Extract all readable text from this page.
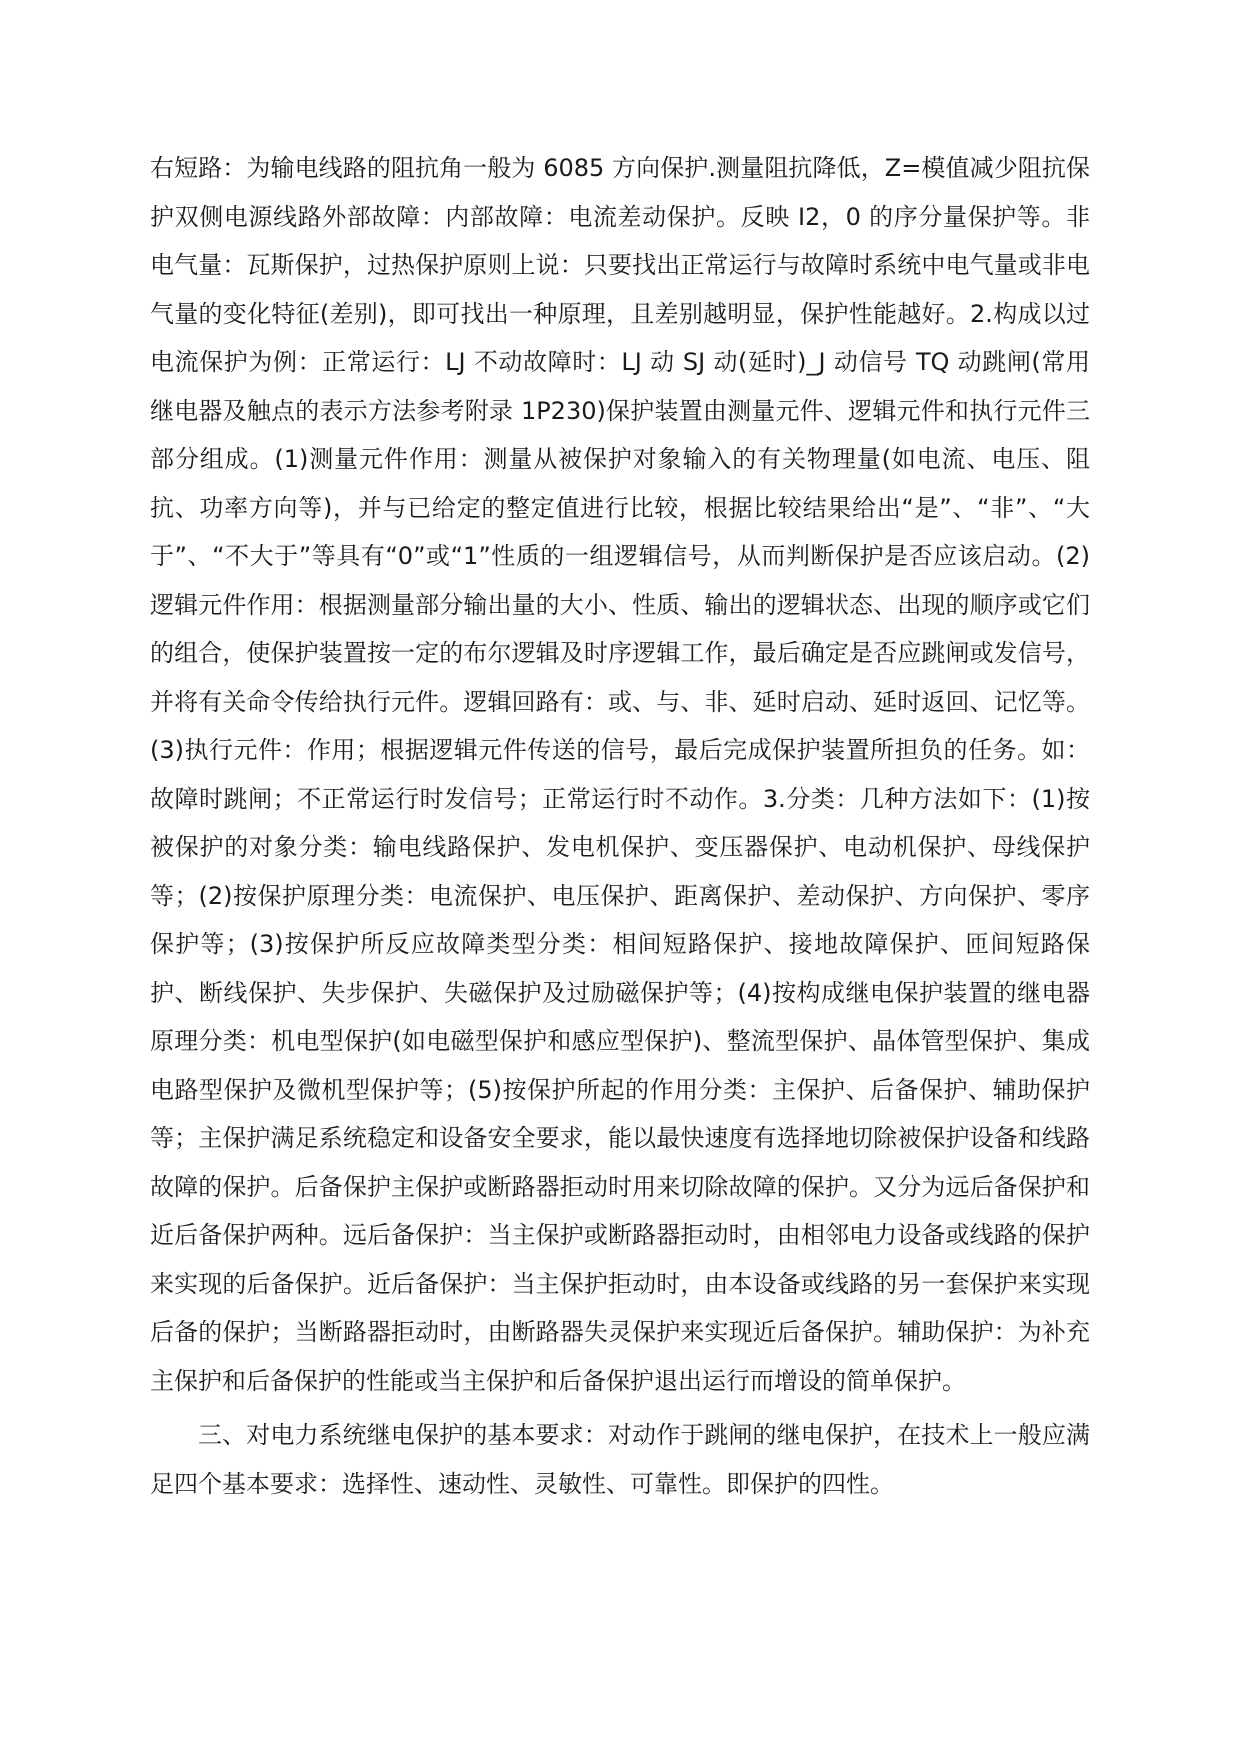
右短路：为输电线路的阻抗角一般为 6085 方向保护.测量阻抗降低，Z=模值减少阻抗保护双侧电源线路外部故障：内部故障：电流差动保护。反映 I2，0 的序分量保护等。非电气量：瓦斯保护，过热保护原则上说：只要找出正常运行与故障时系统中电气量或非电气量的变化特征(差别)，即可找出一种原理，且差别越明显，保护性能越好。2.构成以过电流保护为例：正常运行：LJ 不动故障时：LJ 动 SJ 动(延时)_J 动信号 TQ 动跳闸(常用继电器及触点的表示方法参考附录 1P230)保护装置由测量元件、逻辑元件和执行元件三部分组成。(1)测量元件作用：测量从被保护对象输入的有关物理量(如电流、电压、阻抗、功率方向等)，并与已给定的整定值进行比较，根据比较结果给出“是”、“非”、“大于”、“不大于”等具有“0”或“1”性质的一组逻辑信号，从而判断保护是否应该启动。(2)逻辑元件作用：根据测量部分输出量的大小、性质、输出的逻辑状态、出现的顺序或它们的组合，使保护装置按一定的布尔逻辑及时序逻辑工作，最后确定是否应跳闸或发信号，并将有关命令传给执行元件。逻辑回路有：或、与、非、延时启动、延时返回、记忆等。(3)执行元件：作用；根据逻辑元件传送的信号，最后完成保护装置所担负的任务。如：故障时跳闸；不正常运行时发信号；正常运行时不动作。3.分类：几种方法如下：(1)按被保护的对象分类：输电线路保护、发电机保护、变压器保护、电动机保护、母线保护等；(2)按保护原理分类：电流保护、电压保护、距离保护、差动保护、方向保护、零序保护等；(3)按保护所反应故障类型分类：相间短路保护、接地故障保护、匝间短路保护、断线保护、失步保护、失磁保护及过励磁保护等；(4)按构成继电保护装置的继电器原理分类：机电型保护(如电磁型保护和感应型保护)、整流型保护、晶体管型保护、集成电路型保护及微机型保护等；(5)按保护所起的作用分类：主保护、后备保护、辅助保护等；主保护满足系统稳定和设备安全要求，能以最快速度有选择地切除被保护设备和线路故障的保护。后备保护主保护或断路器拒动时用来切除故障的保护。又分为远后备保护和近后备保护两种。远后备保护：当主保护或断路器拒动时，由相邻电力设备或线路的保护来实现的后备保护。近后备保护：当主保护拒动时，由本设备或线路的另一套保护来实现后备的保护；当断路器拒动时，由断路器失灵保护来实现近后备保护。辅助保护：为补充主保护和后备保护的性能或当主保护和后备保护退出运行而增设的简单保护。

三、对电力系统继电保护的基本要求：对动作于跳闸的继电保护，在技术上一般应满足四个基本要求：选择性、速动性、灵敏性、可靠性。即保护的四性。
